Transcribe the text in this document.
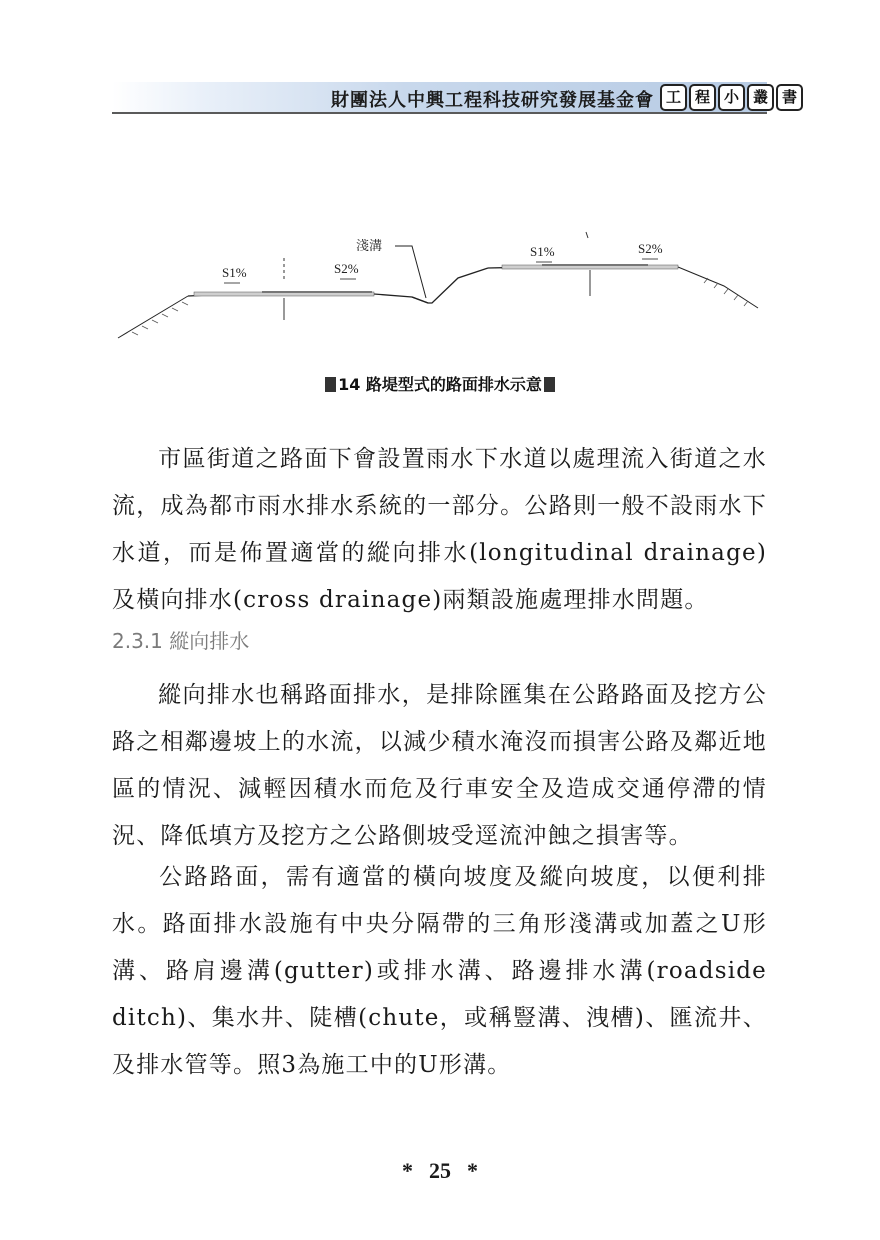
財團法人中興工程科技研究發展基金會 工 程 小 叢 書
S1%	S2%
淺溝	S1%	S2%
14 路堤型式的路面排水示意
市區街道之路面下會設置雨水下水道以處理流入街道之水流，成為都市雨水排水系統的一部分。公路則一般不設雨水下水道，而是佈置適當的縱向排水(longitudinal drainage)及橫向排水(cross drainage)兩類設施處理排水問題。
2.3.1 縱向排水
縱向排水也稱路面排水，是排除匯集在公路路面及挖方公路之相鄰邊坡上的水流，以減少積水淹沒而損害公路及鄰近地區的情況、減輕因積水而危及行車安全及造成交通停滯的情況、降低填方及挖方之公路側坡受逕流沖蝕之損害等。
公路路面，需有適當的橫向坡度及縱向坡度，以便利排水。路面排水設施有中央分隔帶的三角形淺溝或加蓋之U形溝、路肩邊溝(gutter)或排水溝、路邊排水溝(roadside ditch)、集水井、陡槽(chute，或稱豎溝、洩槽)、匯流井、及排水管等。照3為施工中的U形溝。
* 25 *
